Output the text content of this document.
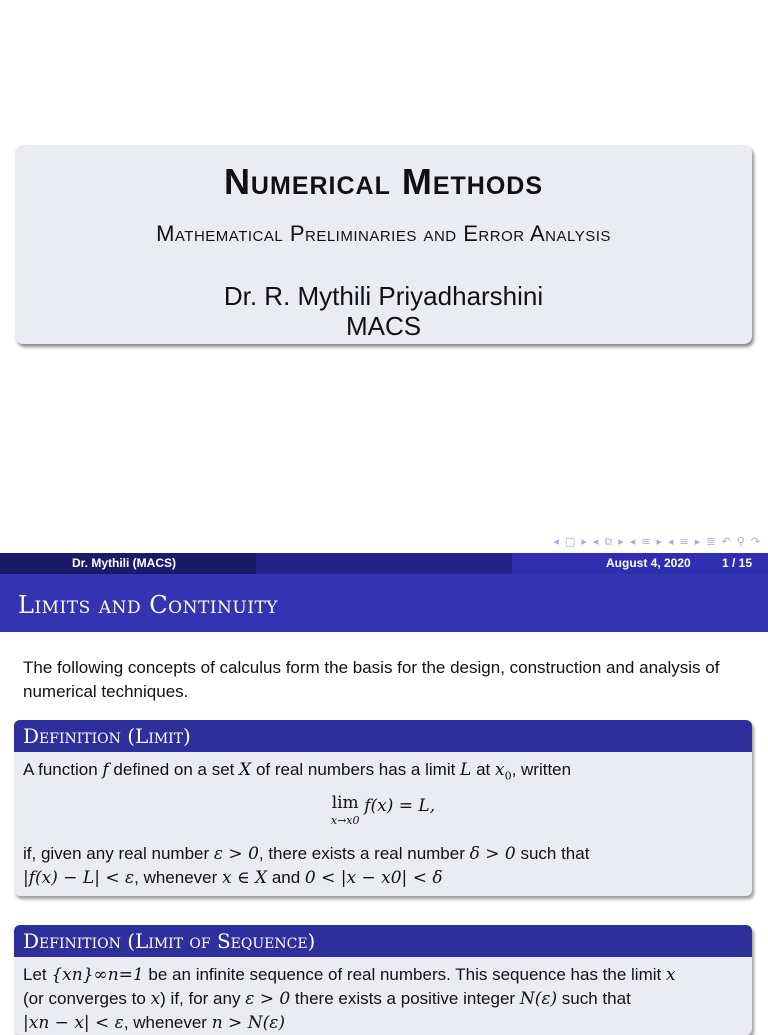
Numerical Methods
Mathematical Preliminaries and Error Analysis
Dr. R. Mythili Priyadharshini
MACS
◂ □ ▸ ◂ ⧉ ▸ ◂ ≡ ▸ ◂ ≡ ▸ ≣ ↶ ⚲ ↷
Dr. Mythili (MACS)	August 4, 2020	1 / 15
Limits and Continuity
The following concepts of calculus form the basis for the design, construction and analysis of numerical techniques.
Definition (Limit)
A function f defined on a set X of real numbers has a limit L at $x_0$, written
lim
x→x0
f(x) = L,
if, given any real number ε > 0, there exists a real number δ > 0 such that
|f(x) − L| < ε, whenever x ∈ X and 0 < |x − x0| < δ
Definition (Limit of Sequence)
Let {xn}∞n=1 be an infinite sequence of real numbers. This sequence has the limit x
(or converges to x) if, for any ε > 0 there exists a positive integer N(ε) such that
|xn − x| < ε, whenever n > N(ε)
